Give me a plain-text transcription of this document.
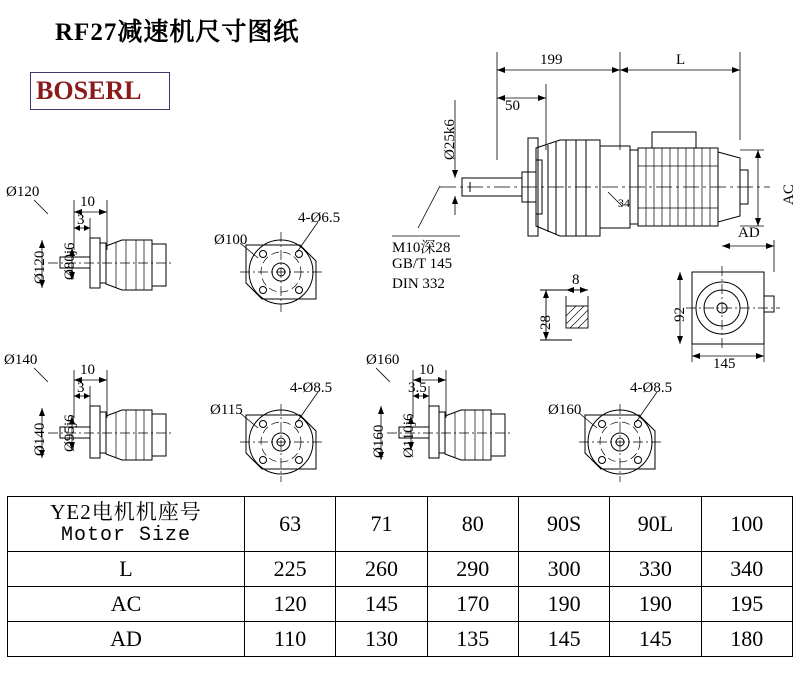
RF27减速机尺寸图纸
BOSERL
199	L
50
Ø25k6
AC
AD
34
M10深28
GB/T 145
DIN 332	8
28
92
145
Ø120
10
3
Ø120 Ø80j6
Ø100
4-Ø6.5
Ø140
10
3
Ø140 Ø95j6
Ø115
4-Ø8.5
Ø160
10
3.5
Ø160 Ø110j6
Ø160
4-Ø8.5
YE2电机机座号
Motor Size	63	71	80	90S	90L	100
L	225	260	290	300	330	340
AC	120	145	170	190	190	195
AD	110	130	135	145	145	180
